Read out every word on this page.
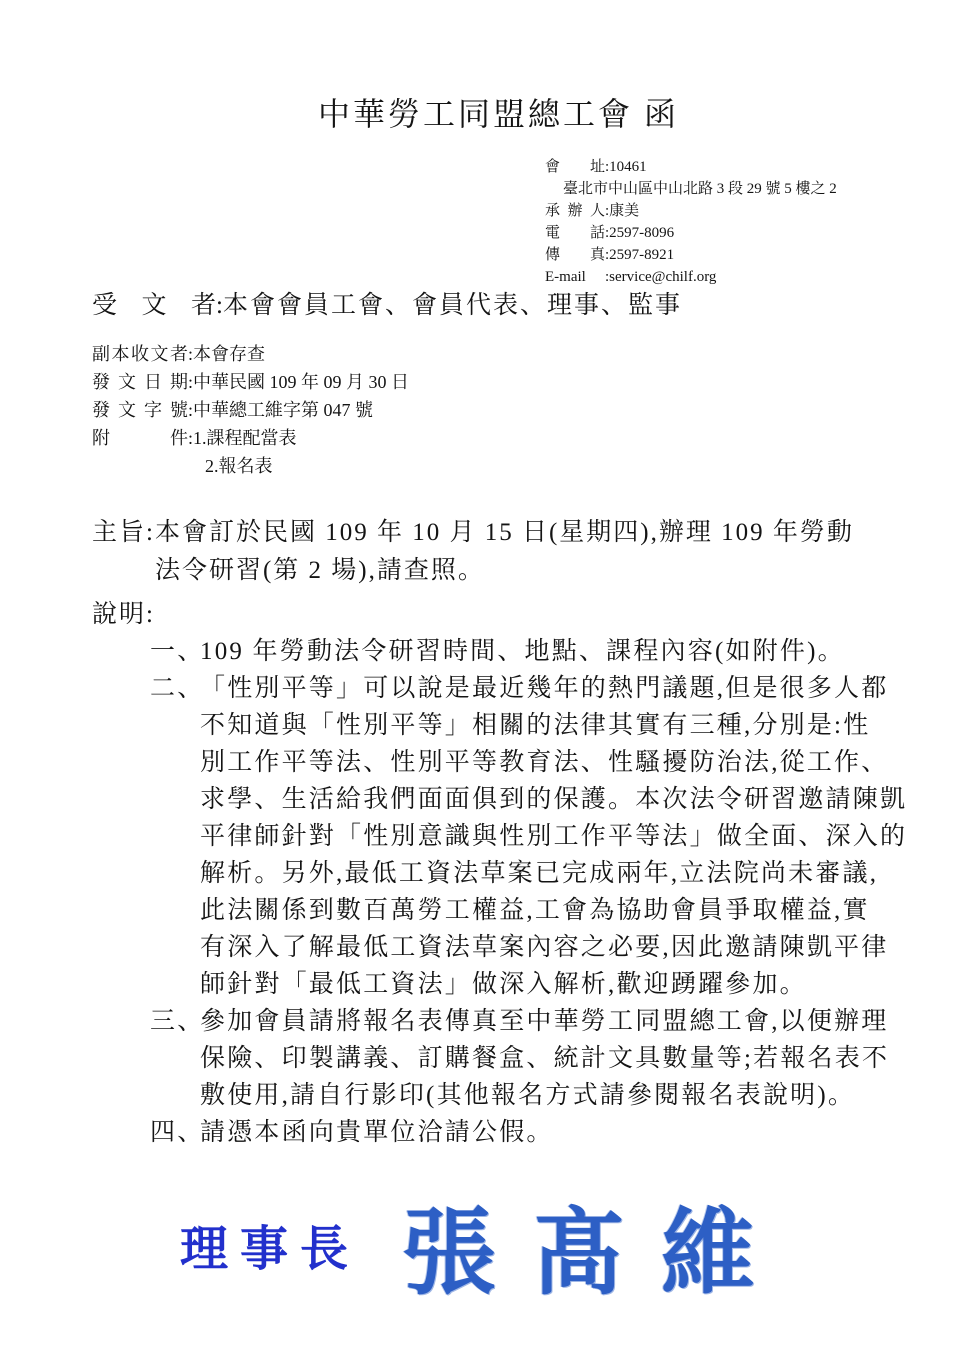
中華勞工同盟總工會 函
會址:10461
臺北市中山區中山北路 3 段 29 號 5 樓之 2
承辦人:康美
電話:2597-8096
傳真:2597-8921
E-mail :service@chilf.org
受文者:本會會員工會、會員代表、理事、監事
副本收文者:本會存查
發文日期:中華民國 109 年 09 月 30 日
發文字號:中華總工維字第 047 號
附件:1.課程配當表
2.報名表
主旨: 本會訂於民國 109 年 10 月 15 日(星期四),辦理 109 年勞動
法令研習(第 2 場),請查照。
說明:
一、
109 年勞動法令研習時間、地點、課程內容(如附件)。
二、
「性別平等」可以說是最近幾年的熱門議題,但是很多人都
不知道與「性別平等」相關的法律其實有三種,分別是:性
別工作平等法、性別平等教育法、性騷擾防治法,從工作、
求學、生活給我們面面俱到的保護。本次法令研習邀請陳凱
平律師針對「性別意識與性別工作平等法」做全面、深入的
解析。另外,最低工資法草案已完成兩年,立法院尚未審議,
此法關係到數百萬勞工權益,工會為協助會員爭取權益,實
有深入了解最低工資法草案內容之必要,因此邀請陳凱平律
師針對「最低工資法」做深入解析,歡迎踴躍參加。
三、
參加會員請將報名表傳真至中華勞工同盟總工會,以便辦理
保險、印製講義、訂購餐盒、統計文具數量等;若報名表不
敷使用,請自行影印(其他報名方式請參閱報名表說明)。
四、
請憑本函向貴單位洽請公假。
理事長 張 髙 維
